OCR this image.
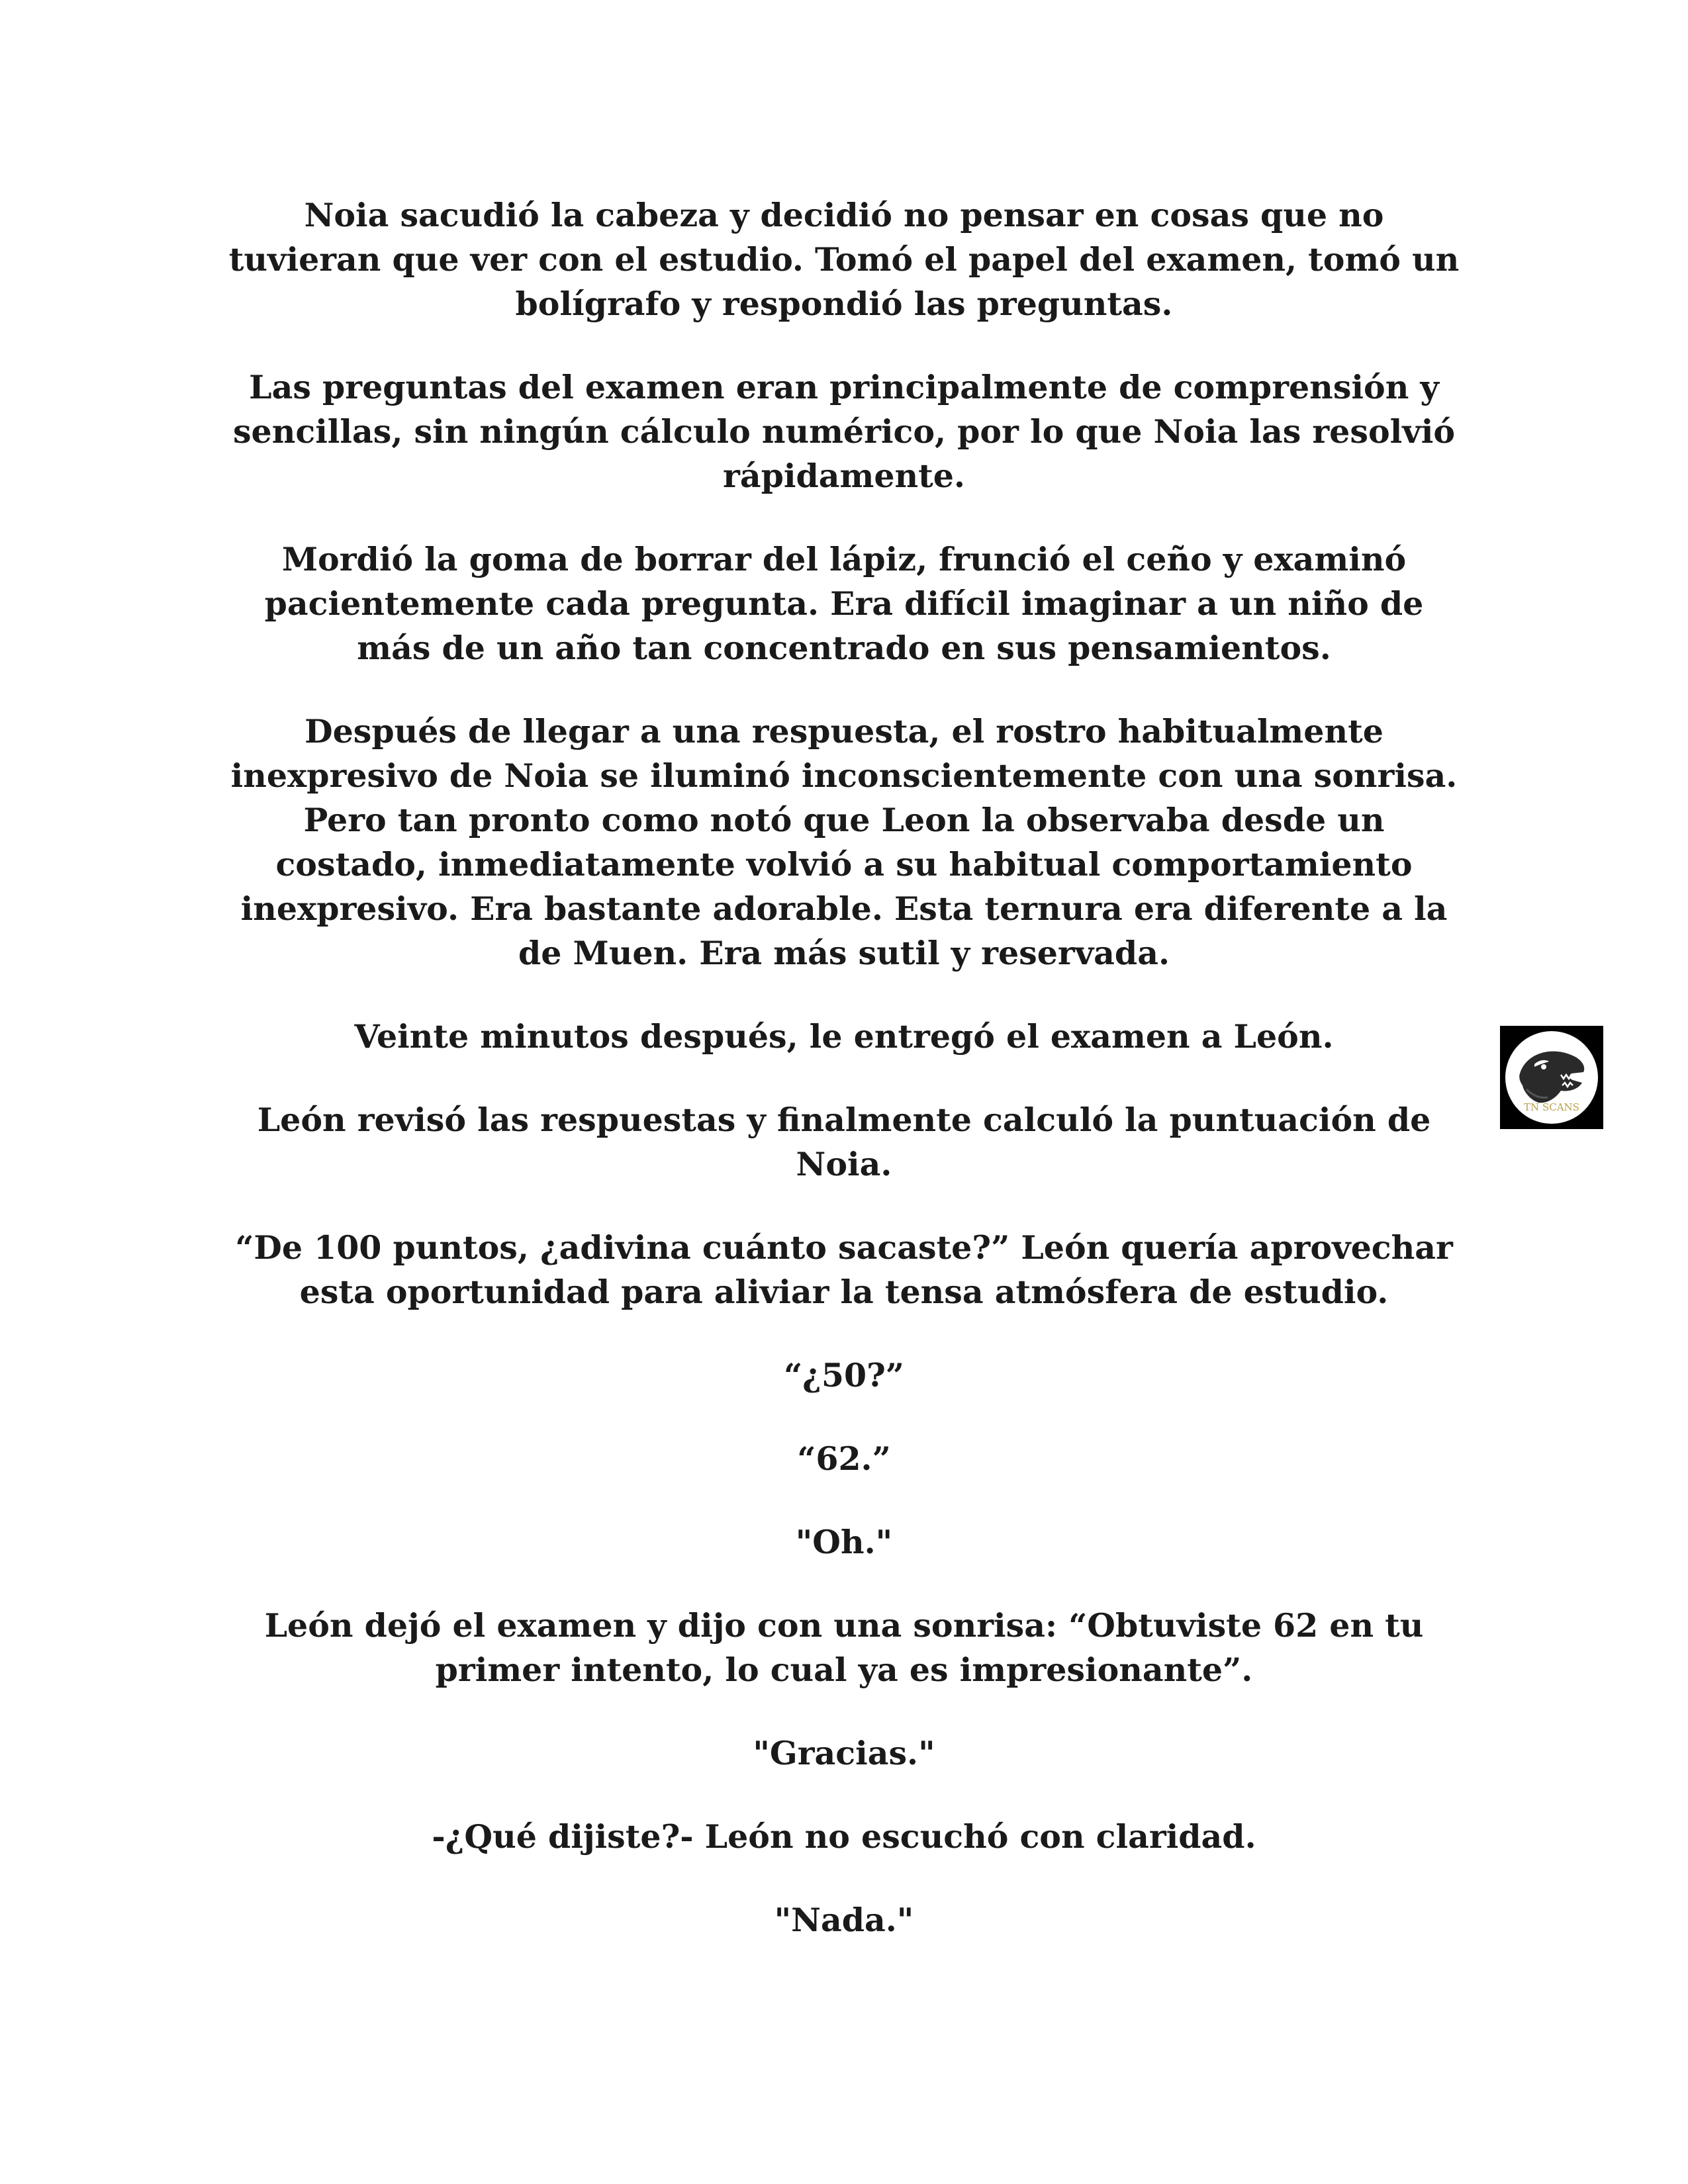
Noia sacudió la cabeza y decidió no pensar en cosas que no tuvieran que ver con el estudio. Tomó el papel del examen, tomó un bolígrafo y respondió las preguntas.

Las preguntas del examen eran principalmente de comprensión y sencillas, sin ningún cálculo numérico, por lo que Noia las resolvió rápidamente.

Mordió la goma de borrar del lápiz, frunció el ceño y examinó pacientemente cada pregunta. Era difícil imaginar a un niño de más de un año tan concentrado en sus pensamientos.

Después de llegar a una respuesta, el rostro habitualmente inexpresivo de Noia se iluminó inconscientemente con una sonrisa. Pero tan pronto como notó que Leon la observaba desde un costado, inmediatamente volvió a su habitual comportamiento inexpresivo. Era bastante adorable. Esta ternura era diferente a la de Muen. Era más sutil y reservada.

Veinte minutos después, le entregó el examen a León.

León revisó las respuestas y finalmente calculó la puntuación de Noia.

“De 100 puntos, ¿adivina cuánto sacaste?” León quería aprovechar esta oportunidad para aliviar la tensa atmósfera de estudio.

“¿50?”

“62.”

"Oh."

León dejó el examen y dijo con una sonrisa: “Obtuviste 62 en tu primer intento, lo cual ya es impresionante”.

"Gracias."

-¿Qué dijiste?- León no escuchó con claridad.

"Nada."

TN SCANS
